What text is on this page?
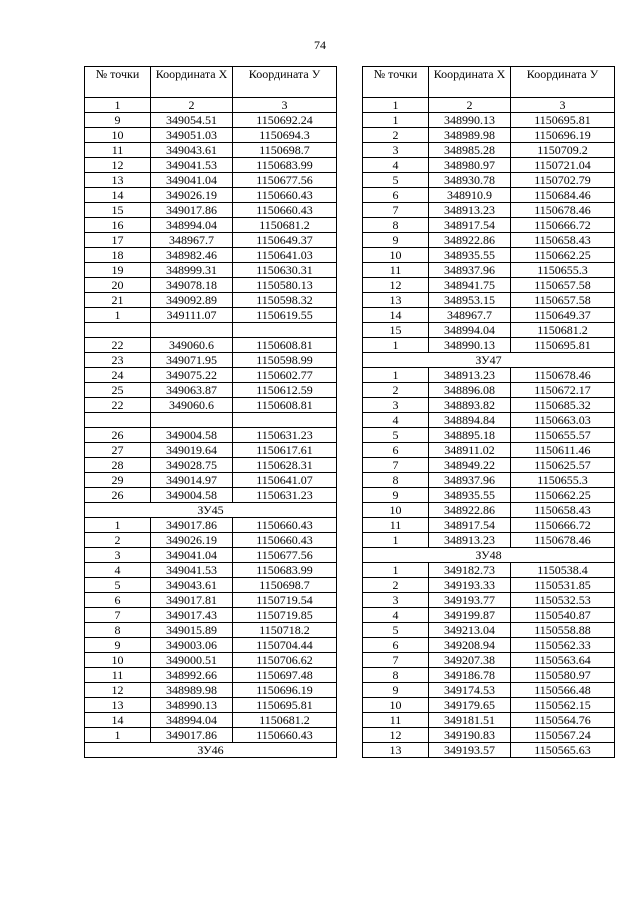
74
№ точки	Координата Х	Координата У
1	2	3
9	349054.51	1150692.24
10	349051.03	1150694.3
11	349043.61	1150698.7
12	349041.53	1150683.99
13	349041.04	1150677.56
14	349026.19	1150660.43
15	349017.86	1150660.43
16	348994.04	1150681.2
17	348967.7	1150649.37
18	348982.46	1150641.03
19	348999.31	1150630.31
20	349078.18	1150580.13
21	349092.89	1150598.32
1	349111.07	1150619.55

22	349060.6	1150608.81
23	349071.95	1150598.99
24	349075.22	1150602.77
25	349063.87	1150612.59
22	349060.6	1150608.81

26	349004.58	1150631.23
27	349019.64	1150617.61
28	349028.75	1150628.31
29	349014.97	1150641.07
26	349004.58	1150631.23
ЗУ45		
1	349017.86	1150660.43
2	349026.19	1150660.43
3	349041.04	1150677.56
4	349041.53	1150683.99
5	349043.61	1150698.7
6	349017.81	1150719.54
7	349017.43	1150719.85
8	349015.89	1150718.2
9	349003.06	1150704.44
10	349000.51	1150706.62
11	348992.66	1150697.48
12	348989.98	1150696.19
13	348990.13	1150695.81
14	348994.04	1150681.2
1	349017.86	1150660.43
ЗУ46		
№ точки	Координата Х	Координата У
1	2	3
1	348990.13	1150695.81
2	348989.98	1150696.19
3	348985.28	1150709.2
4	348980.97	1150721.04
5	348930.78	1150702.79
6	348910.9	1150684.46
7	348913.23	1150678.46
8	348917.54	1150666.72
9	348922.86	1150658.43
10	348935.55	1150662.25
11	348937.96	1150655.3
12	348941.75	1150657.58
13	348953.15	1150657.58
14	348967.7	1150649.37
15	348994.04	1150681.2
1	348990.13	1150695.81
ЗУ47		
1	348913.23	1150678.46
2	348896.08	1150672.17
3	348893.82	1150685.32
4	348894.84	1150663.03
5	348895.18	1150655.57
6	348911.02	1150611.46
7	348949.22	1150625.57
8	348937.96	1150655.3
9	348935.55	1150662.25
10	348922.86	1150658.43
11	348917.54	1150666.72
1	348913.23	1150678.46
ЗУ48		
1	349182.73	1150538.4
2	349193.33	1150531.85
3	349193.77	1150532.53
4	349199.87	1150540.87
5	349213.04	1150558.88
6	349208.94	1150562.33
7	349207.38	1150563.64
8	349186.78	1150580.97
9	349174.53	1150566.48
10	349179.65	1150562.15
11	349181.51	1150564.76
12	349190.83	1150567.24
13	349193.57	1150565.63
